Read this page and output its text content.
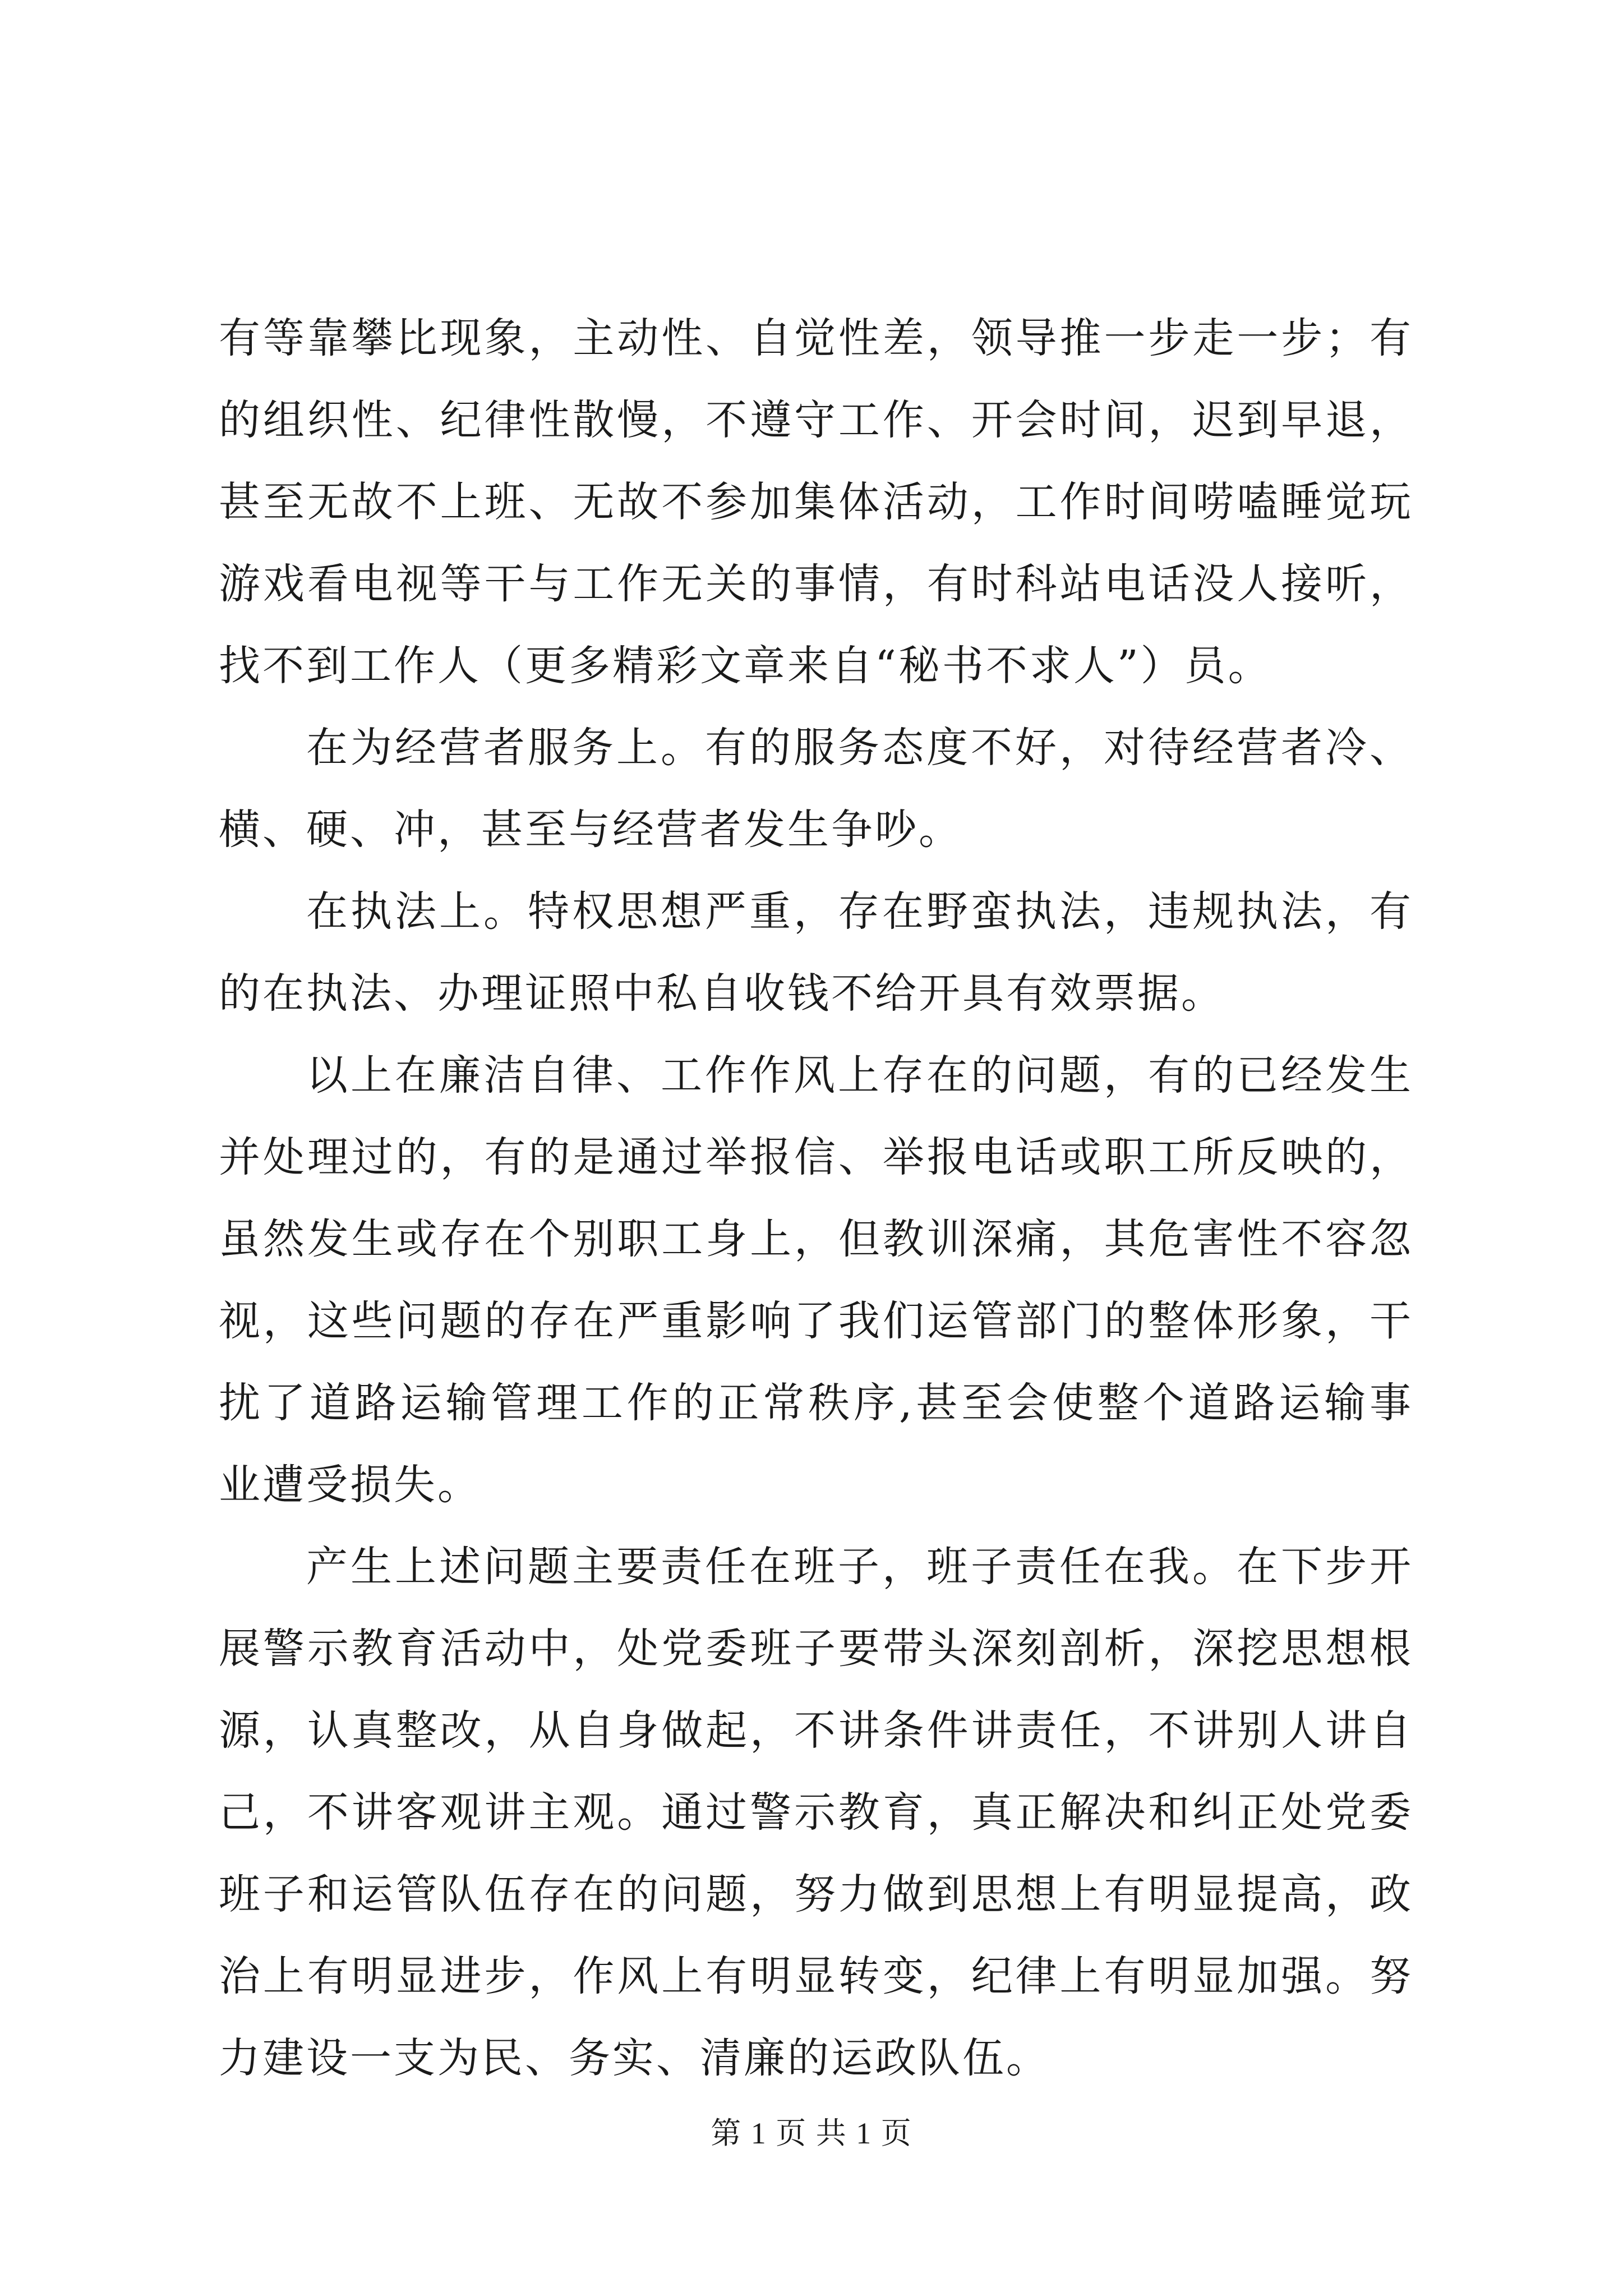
有等靠攀比现象，主动性、自觉性差，领导推一步走一步；有的组织性、纪律性散慢，不遵守工作、开会时间，迟到早退，甚至无故不上班、无故不参加集体活动，工作时间唠嗑睡觉玩游戏看电视等干与工作无关的事情，有时科站电话没人接听，找不到工作人（更多精彩文章来自“秘书不求人”）员。

在为经营者服务上。有的服务态度不好，对待经营者冷、横、硬、冲，甚至与经营者发生争吵。

在执法上。特权思想严重，存在野蛮执法，违规执法，有的在执法、办理证照中私自收钱不给开具有效票据。

以上在廉洁自律、工作作风上存在的问题，有的已经发生并处理过的，有的是通过举报信、举报电话或职工所反映的，虽然发生或存在个别职工身上，但教训深痛，其危害性不容忽视，这些问题的存在严重影响了我们运管部门的整体形象，干扰了道路运输管理工作的正常秩序,甚至会使整个道路运输事业遭受损失。

产生上述问题主要责任在班子，班子责任在我。在下步开展警示教育活动中，处党委班子要带头深刻剖析，深挖思想根源，认真整改，从自身做起，不讲条件讲责任，不讲别人讲自己，不讲客观讲主观。通过警示教育，真正解决和纠正处党委班子和运管队伍存在的问题，努力做到思想上有明显提高，政治上有明显进步，作风上有明显转变，纪律上有明显加强。努力建设一支为民、务实、清廉的运政队伍。

第 1 页 共 1 页
